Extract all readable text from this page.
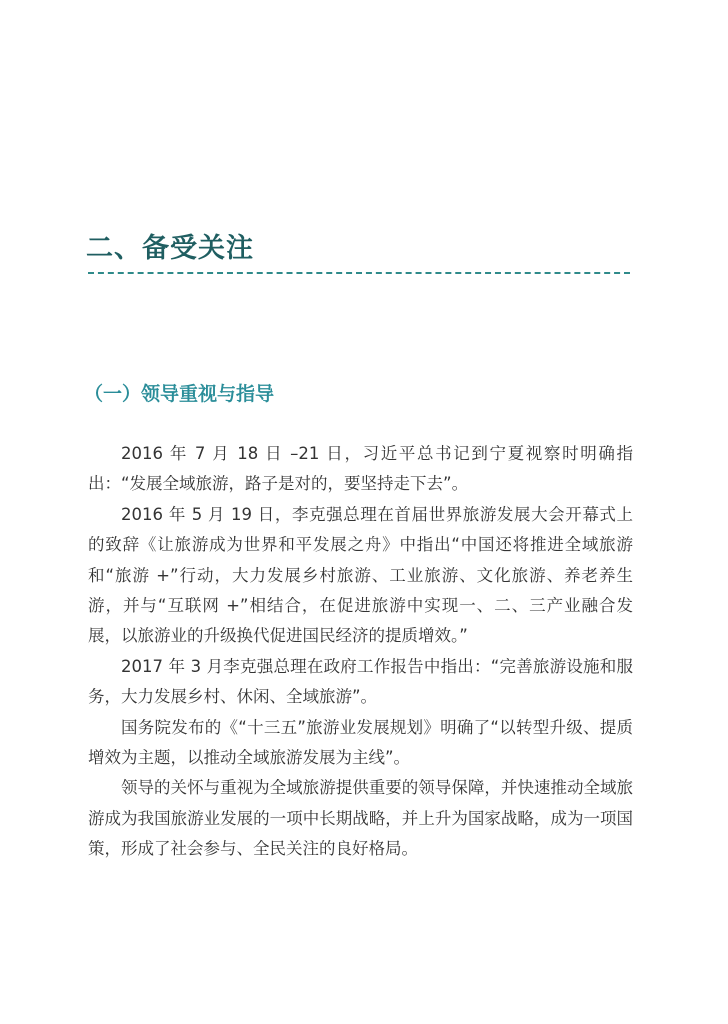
二、备受关注
（一）领导重视与指导

2016 年 7 月 18 日 –21 日，习近平总书记到宁夏视察时明确指出：“发展全域旅游，路子是对的，要坚持走下去”。

2016 年 5 月 19 日，李克强总理在首届世界旅游发展大会开幕式上的致辞《让旅游成为世界和平发展之舟》中指出“中国还将推进全域旅游和“旅游 +”行动，大力发展乡村旅游、工业旅游、文化旅游、养老养生游，并与“互联网 +”相结合，在促进旅游中实现一、二、三产业融合发展，以旅游业的升级换代促进国民经济的提质增效。”

2017 年 3 月李克强总理在政府工作报告中指出：“完善旅游设施和服务，大力发展乡村、休闲、全域旅游”。

国务院发布的《“十三五”旅游业发展规划》明确了“以转型升级、提质增效为主题，以推动全域旅游发展为主线”。

领导的关怀与重视为全域旅游提供重要的领导保障，并快速推动全域旅游成为我国旅游业发展的一项中长期战略，并上升为国家战略，成为一项国策，形成了社会参与、全民关注的良好格局。
